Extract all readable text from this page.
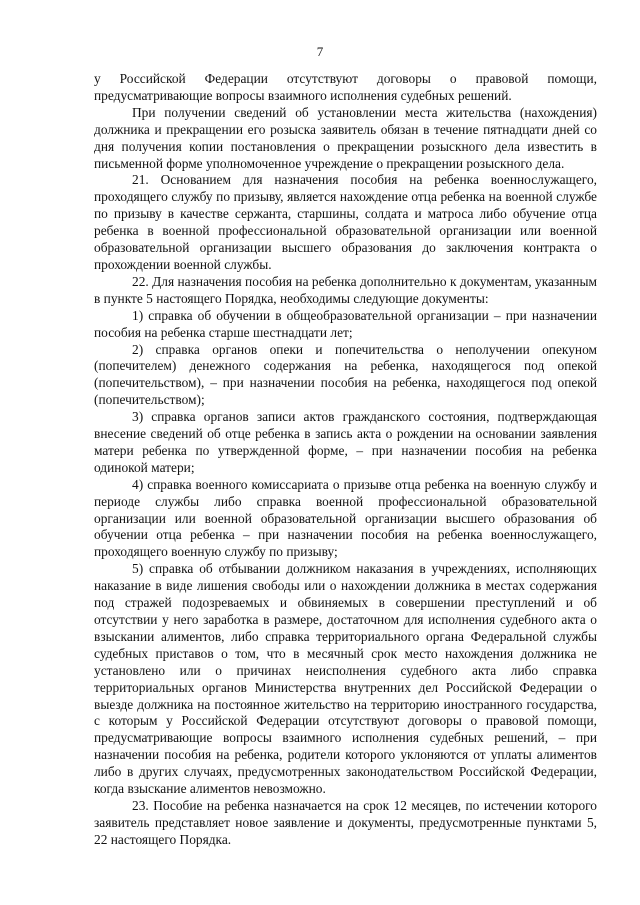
7

у Российской Федерации отсутствуют договоры о правовой помощи, предусматривающие вопросы взаимного исполнения судебных решений.

При получении сведений об установлении места жительства (нахождения) должника и прекращении его розыска заявитель обязан в течение пятнадцати дней со дня получения копии постановления о прекращении розыскного дела известить в письменной форме уполномоченное учреждение о прекращении розыскного дела.

21. Основанием для назначения пособия на ребенка военнослужащего, проходящего службу по призыву, является нахождение отца ребенка на военной службе по призыву в качестве сержанта, старшины, солдата и матроса либо обучение отца ребенка в военной профессиональной образовательной организации или военной образовательной организации высшего образования до заключения контракта о прохождении военной службы.

22. Для назначения пособия на ребенка дополнительно к документам, указанным в пункте 5 настоящего Порядка, необходимы следующие документы:

1) справка об обучении в общеобразовательной организации – при назначении пособия на ребенка старше шестнадцати лет;

2) справка органов опеки и попечительства о неполучении опекуном (попечителем) денежного содержания на ребенка, находящегося под опекой (попечительством), – при назначении пособия на ребенка, находящегося под опекой (попечительством);

3) справка органов записи актов гражданского состояния, подтверждающая внесение сведений об отце ребенка в запись акта о рождении на основании заявления матери ребенка по утвержденной форме, – при назначении пособия на ребенка одинокой матери;

4) справка военного комиссариата о призыве отца ребенка на военную службу и периоде службы либо справка военной профессиональной образовательной организации или военной образовательной организации высшего образования об обучении отца ребенка – при назначении пособия на ребенка военнослужащего, проходящего военную службу по призыву;

5) справка об отбывании должником наказания в учреждениях, исполняющих наказание в виде лишения свободы или о нахождении должника в местах содержания под стражей подозреваемых и обвиняемых в совершении преступлений и об отсутствии у него заработка в размере, достаточном для исполнения судебного акта о взыскании алиментов, либо справка территориального органа Федеральной службы судебных приставов о том, что в месячный срок место нахождения должника не установлено или о причинах неисполнения судебного акта либо справка территориальных органов Министерства внутренних дел Российской Федерации о выезде должника на постоянное жительство на территорию иностранного государства, с которым у Российской Федерации отсутствуют договоры о правовой помощи, предусматривающие вопросы взаимного исполнения судебных решений, – при назначении пособия на ребенка, родители которого уклоняются от уплаты алиментов либо в других случаях, предусмотренных законодательством Российской Федерации, когда взыскание алиментов невозможно.

23. Пособие на ребенка назначается на срок 12 месяцев, по истечении которого заявитель представляет новое заявление и документы, предусмотренные пунктами 5, 22 настоящего Порядка.
